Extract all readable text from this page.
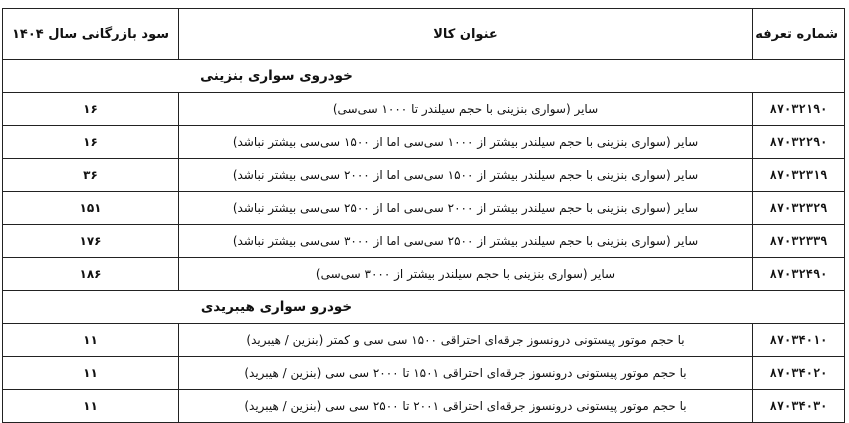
شماره تعرفه	عنوان کالا	سود بازرگانی سال ۱۴۰۴
خودروی سواری بنزینی		
۸۷۰۳۲۱۹۰	سایر (سواری بنزینی با حجم سیلندر تا ۱۰۰۰ سی‌سی)	۱۶
۸۷۰۳۲۲۹۰	سایر (سواری بنزینی با حجم سیلندر بیشتر از ۱۰۰۰ سی‌سی اما از ۱۵۰۰ سی‌سی بیشتر نباشد)	۱۶
۸۷۰۳۲۳۱۹	سایر (سواری بنزینی با حجم سیلندر بیشتر از ۱۵۰۰ سی‌سی اما از ۲۰۰۰ سی‌سی بیشتر نباشد)	۳۶
۸۷۰۳۲۳۲۹	سایر (سواری بنزینی با حجم سیلندر بیشتر از ۲۰۰۰ سی‌سی اما از ۲۵۰۰ سی‌سی بیشتر نباشد)	۱۵۱
۸۷۰۳۲۳۳۹	سایر (سواری بنزینی با حجم سیلندر بیشتر از ۲۵۰۰ سی‌سی اما از ۳۰۰۰ سی‌سی بیشتر نباشد)	۱۷۶
۸۷۰۳۲۴۹۰	سایر (سواری بنزینی با حجم سیلندر بیشتر از ۳۰۰۰ سی‌سی)	۱۸۶
خودرو سواری هیبریدی		
۸۷۰۳۴۰۱۰	با حجم موتور پیستونی درونسوز جرقه‌ای احتراقی ۱۵۰۰ سی سی و کمتر (بنزین / هیبرید)	۱۱
۸۷۰۳۴۰۲۰	با حجم موتور پیستونی درونسوز جرقه‌ای احتراقی ۱۵۰۱ تا ۲۰۰۰ سی سی (بنزین / هیبرید)	۱۱
۸۷۰۳۴۰۳۰	با حجم موتور پیستونی درونسوز جرقه‌ای احتراقی ۲۰۰۱ تا ۲۵۰۰ سی سی (بنزین / هیبرید)	۱۱
